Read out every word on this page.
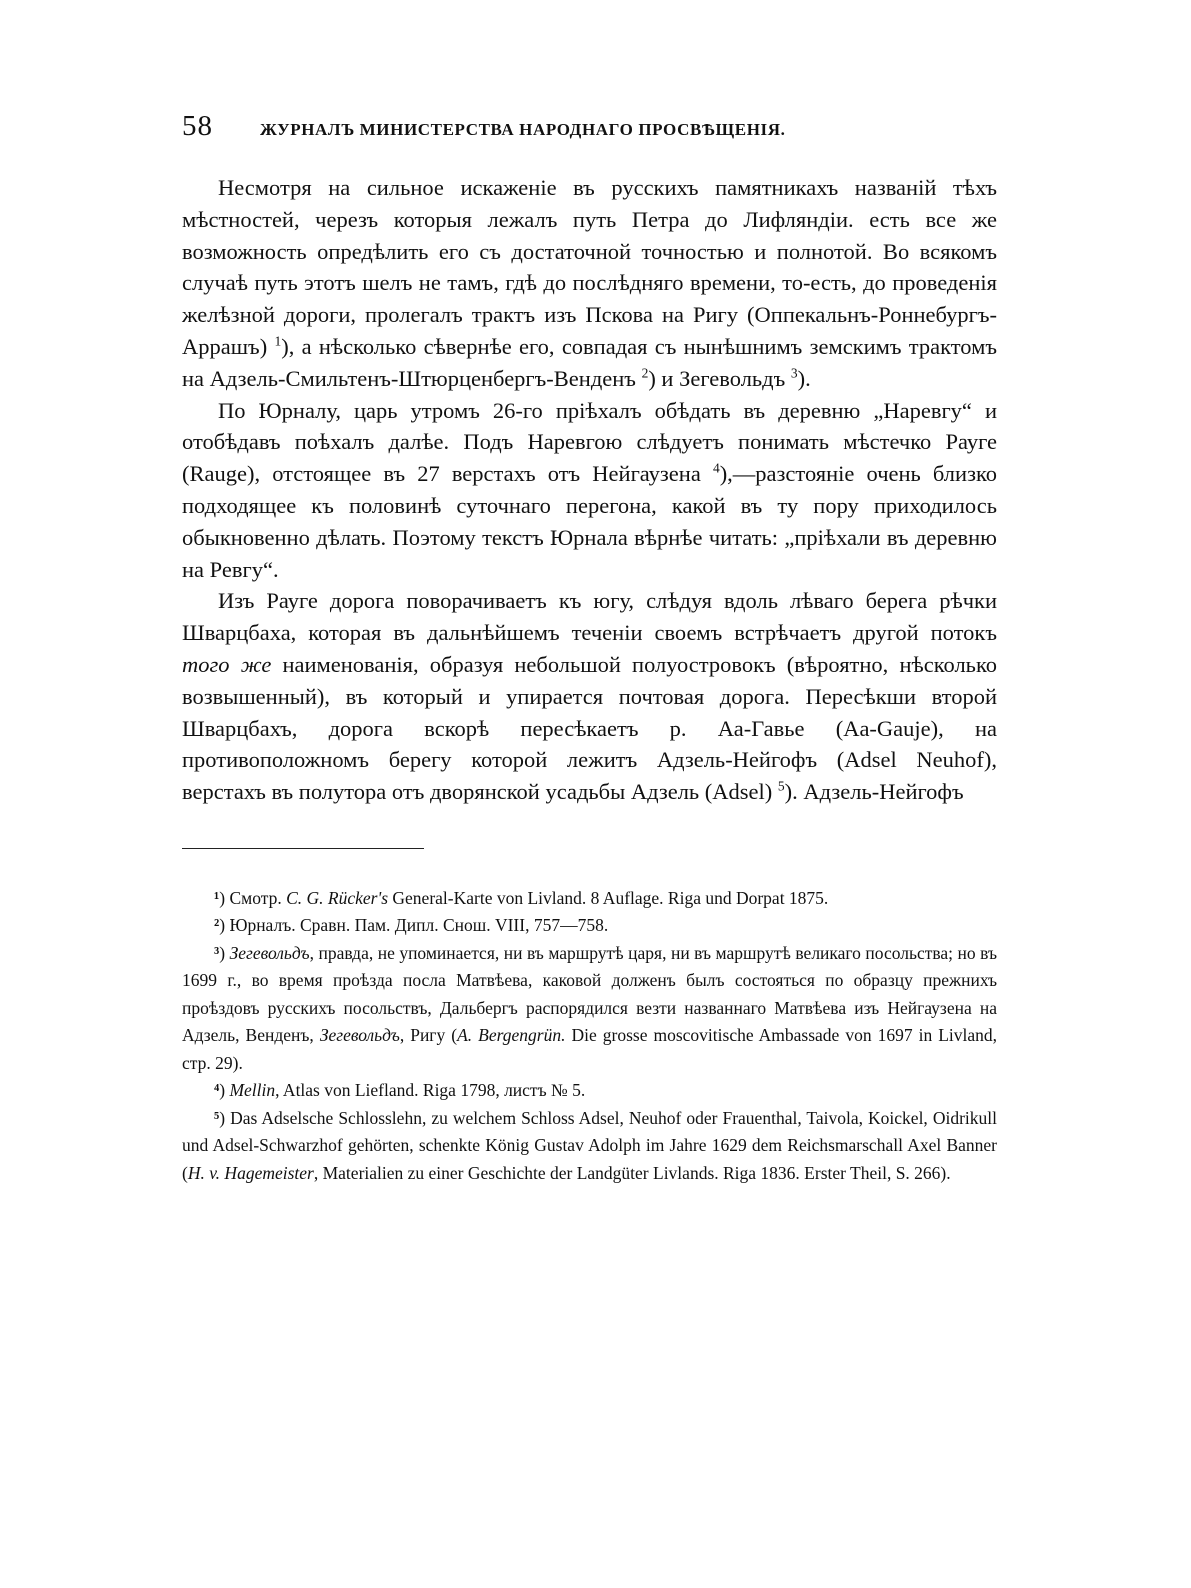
58	ЖУРНАЛЪ МИНИСТЕРСТВА НАРОДНАГО ПРОСВѢЩЕНІЯ.

Несмотря на сильное искаженіе въ русскихъ памятникахъ названій тѣхъ мѣстностей, черезъ которыя лежалъ путь Петра до Лифляндіи. есть все же возможность опредѣлить его съ достаточной точностью и полнотой. Во всякомъ случаѣ путь этотъ шелъ не тамъ, гдѣ до послѣдняго времени, то-есть, до проведенія желѣзной дороги, пролегалъ трактъ изъ Пскова на Ригу (Оппекальнъ-Роннебургъ-Аррашъ) $^1$), а нѣсколько сѣвернѣе его, совпадая съ нынѣшнимъ земскимъ трактомъ на Адзель-Смильтенъ-Штюрценбергъ-Венденъ $^2$) и Зегевольдъ $^3$).

По Юрналу, царь утромъ 26-го пріѣхалъ обѣдать въ деревню „Наревгу“ и отобѣдавъ поѣхалъ далѣе. Подъ Наревгою слѣдуетъ понимать мѣстечко Рауге (Rauge), отстоящее въ 27 верстахъ отъ Нейгаузена $^4$),—разстояніе очень близко подходящее къ половинѣ суточнаго перегона, какой въ ту пору приходилось обыкновенно дѣлать. Поэтому текстъ Юрнала вѣрнѣе читать: „пріѣхали въ деревню на Ревгу“.

Изъ Рауге дорога поворачиваетъ къ югу, слѣдуя вдоль лѣваго берега рѣчки Шварцбаха, которая въ дальнѣйшемъ теченіи своемъ встрѣчаетъ другой потокъ того же наименованія, образуя небольшой полуостровокъ (вѣроятно, нѣсколько возвышенный), въ который и упирается почтовая дорога. Пересѣкши второй Шварцбахъ, дорога вскорѣ пересѣкаетъ р. Аа-Гавье (Aa-Gauje), на противоположномъ берегу которой лежитъ Адзель-Нейгофъ (Adsel Neuhof), верстахъ въ полутора отъ дворянской усадьбы Адзель (Adsel) $^5$). Адзель-Нейгофъ

¹) Смотр. C. G. Rücker's General-Karte von Livland. 8 Auflage. Riga und Dorpat 1875.

²) Юрналъ. Сравн. Пам. Дипл. Снош. VIII, 757—758.

³) Зегевольдъ, правда, не упоминается, ни въ маршрутѣ царя, ни въ маршрутѣ великаго посольства; но въ 1699 г., во время проѣзда посла Матвѣева, каковой долженъ былъ состояться по образцу прежнихъ проѣздовъ русскихъ посольствъ, Дальбергъ распорядился везти названнаго Матвѣева изъ Нейгаузена на Адзель, Венденъ, Зегевольдъ, Ригу (A. Bergengrün. Die grosse moscovitische Ambassade von 1697 in Livland, стр. 29).

⁴) Mellin, Atlas von Liefland. Riga 1798, листъ № 5.

⁵) Das Adselsche Schlosslehn, zu welchem Schloss Adsel, Neuhof oder Frauenthal, Taivola, Koickel, Oidrikull und Adsel-Schwarzhof gehörten, schenkte König Gustav Adolph im Jahre 1629 dem Reichsmarschall Axel Banner (H. v. Hagemeister, Materialien zu einer Geschichte der Landgüter Livlands. Riga 1836. Erster Theil, S. 266).
